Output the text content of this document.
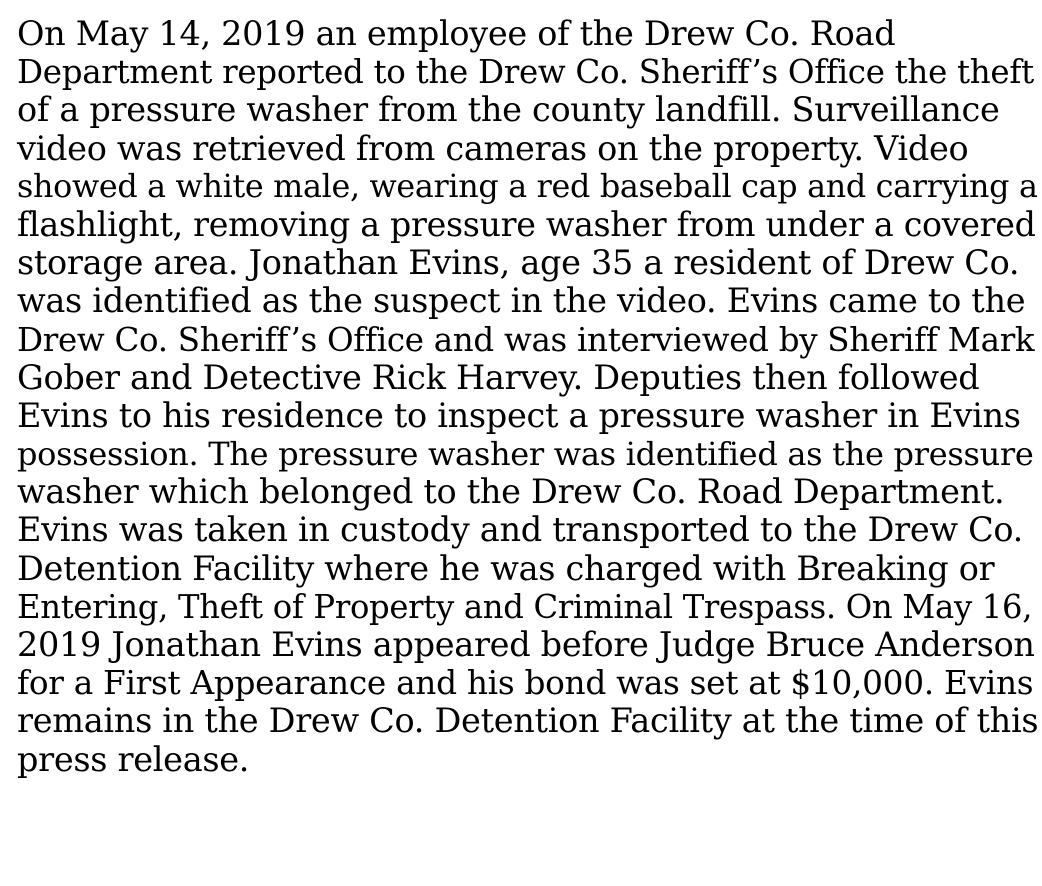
On May 14, 2019 an employee of the Drew Co. Road
Department reported to the Drew Co. Sheriff’s Office the theft
of a pressure washer from the county landfill. Surveillance
video was retrieved from cameras on the property. Video
showed a white male, wearing a red baseball cap and carrying a
flashlight, removing a pressure washer from under a covered
storage area. Jonathan Evins, age 35 a resident of Drew Co.
was identified as the suspect in the video. Evins came to the
Drew Co. Sheriff’s Office and was interviewed by Sheriff Mark
Gober and Detective Rick Harvey. Deputies then followed
Evins to his residence to inspect a pressure washer in Evins
possession. The pressure washer was identified as the pressure
washer which belonged to the Drew Co. Road Department.
Evins was taken in custody and transported to the Drew Co.
Detention Facility where he was charged with Breaking or
Entering, Theft of Property and Criminal Trespass. On May 16,
2019 Jonathan Evins appeared before Judge Bruce Anderson
for a First Appearance and his bond was set at $10,000. Evins
remains in the Drew Co. Detention Facility at the time of this
press release.
